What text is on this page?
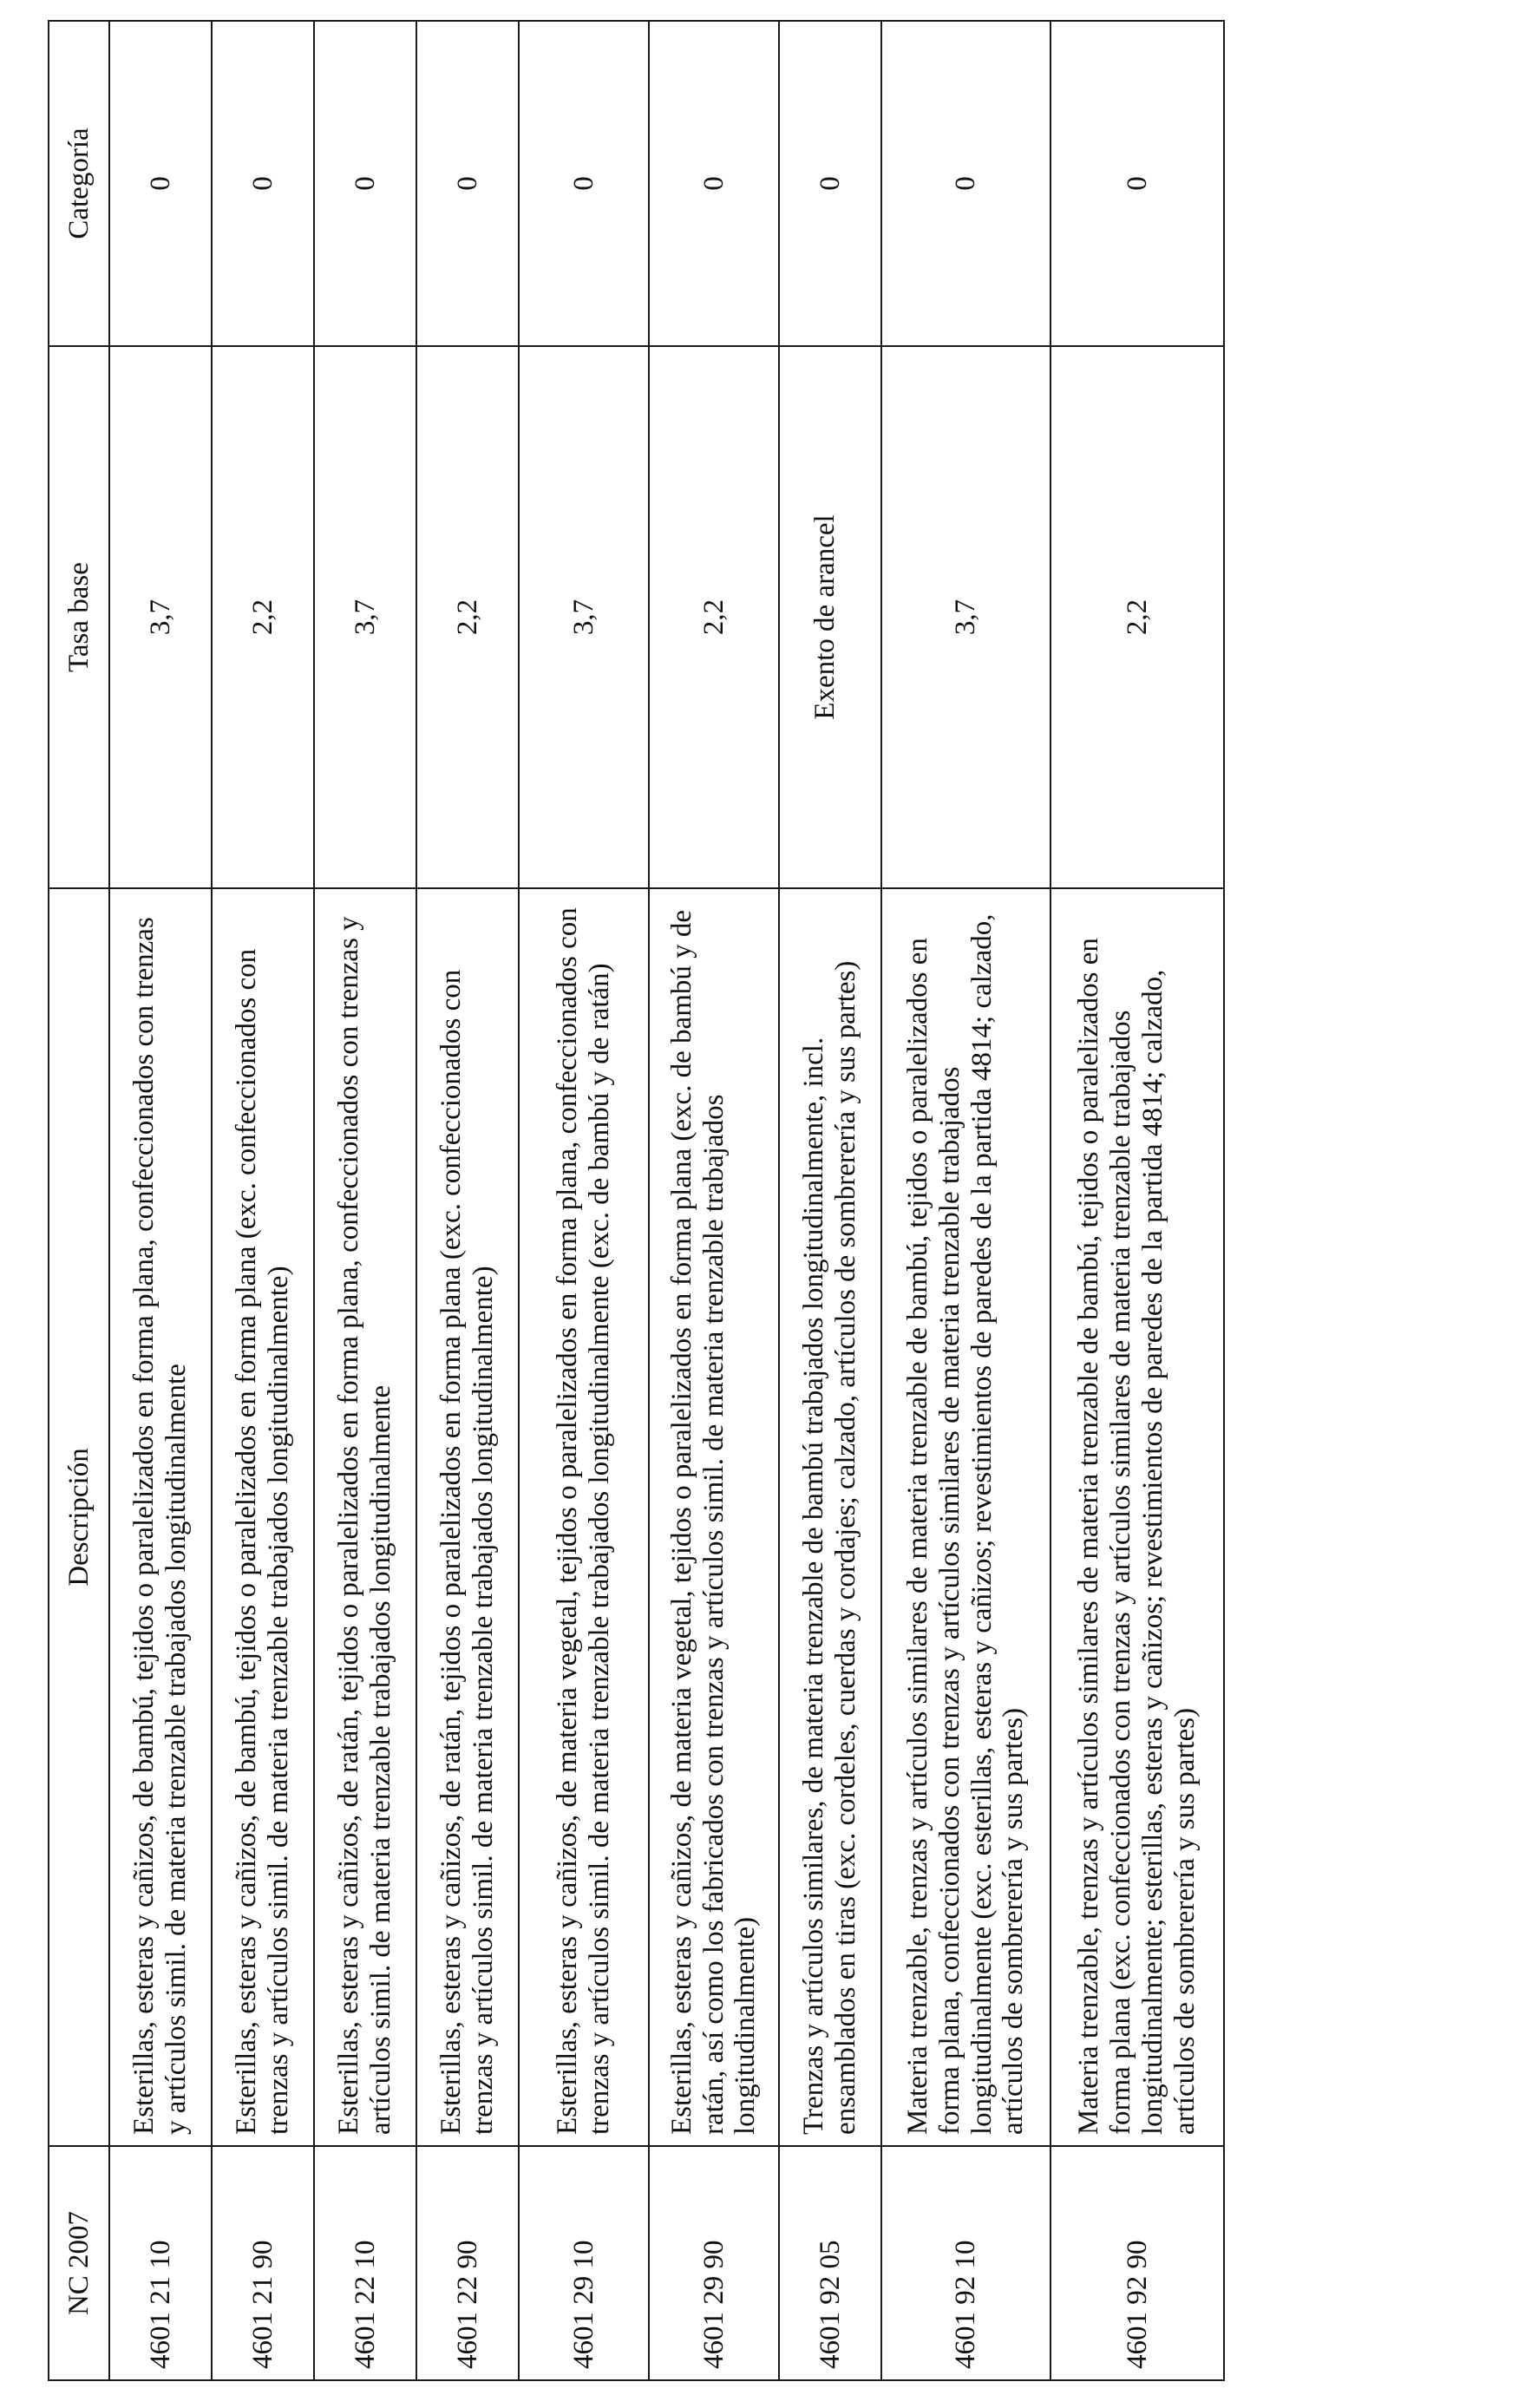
NC 2007	Descripción	Tasa base	Categoría
4601 21 10	Esterillas, esteras y cañizos, de bambú, tejidos o paralelizados en forma plana, confeccionados con trenzas y artículos simil. de materia trenzable trabajados longitudinalmente	3,7	0
4601 21 90	Esterillas, esteras y cañizos, de bambú, tejidos o paralelizados en forma plana (exc. confeccionados con trenzas y artículos simil. de materia trenzable trabajados longitudinalmente)	2,2	0
4601 22 10	Esterillas, esteras y cañizos, de ratán, tejidos o paralelizados en forma plana, confeccionados con trenzas y artículos simil. de materia trenzable trabajados longitudinalmente	3,7	0
4601 22 90	Esterillas, esteras y cañizos, de ratán, tejidos o paralelizados en forma plana (exc. confeccionados con trenzas y artículos simil. de materia trenzable trabajados longitudinalmente)	2,2	0
4601 29 10	Esterillas, esteras y cañizos, de materia vegetal, tejidos o paralelizados en forma plana, confeccionados con trenzas y artículos simil. de materia trenzable trabajados longitudinalmente (exc. de bambú y de ratán)	3,7	0
4601 29 90	Esterillas, esteras y cañizos, de materia vegetal, tejidos o paralelizados en forma plana (exc. de bambú y de ratán, así como los fabricados con trenzas y artículos simil. de materia trenzable trabajados longitudinalmente)	2,2	0
4601 92 05	Trenzas y artículos similares, de materia trenzable de bambú trabajados longitudinalmente, incl. ensamblados en tiras (exc. cordeles, cuerdas y cordajes; calzado, artículos de sombrerería y sus partes)	Exento de arancel	0
4601 92 10	Materia trenzable, trenzas y artículos similares de materia trenzable de bambú, tejidos o paralelizados en forma plana, confeccionados con trenzas y artículos similares de materia trenzable trabajados longitudinalmente (exc. esterillas, esteras y cañizos; revestimientos de paredes de la partida 4814; calzado, artículos de sombrerería y sus partes)	3,7	0
4601 92 90	Materia trenzable, trenzas y artículos similares de materia trenzable de bambú, tejidos o paralelizados en forma plana (exc. confeccionados con trenzas y artículos similares de materia trenzable trabajados longitudinalmente; esterillas, esteras y cañizos; revestimientos de paredes de la partida 4814; calzado, artículos de sombrerería y sus partes)	2,2	0
